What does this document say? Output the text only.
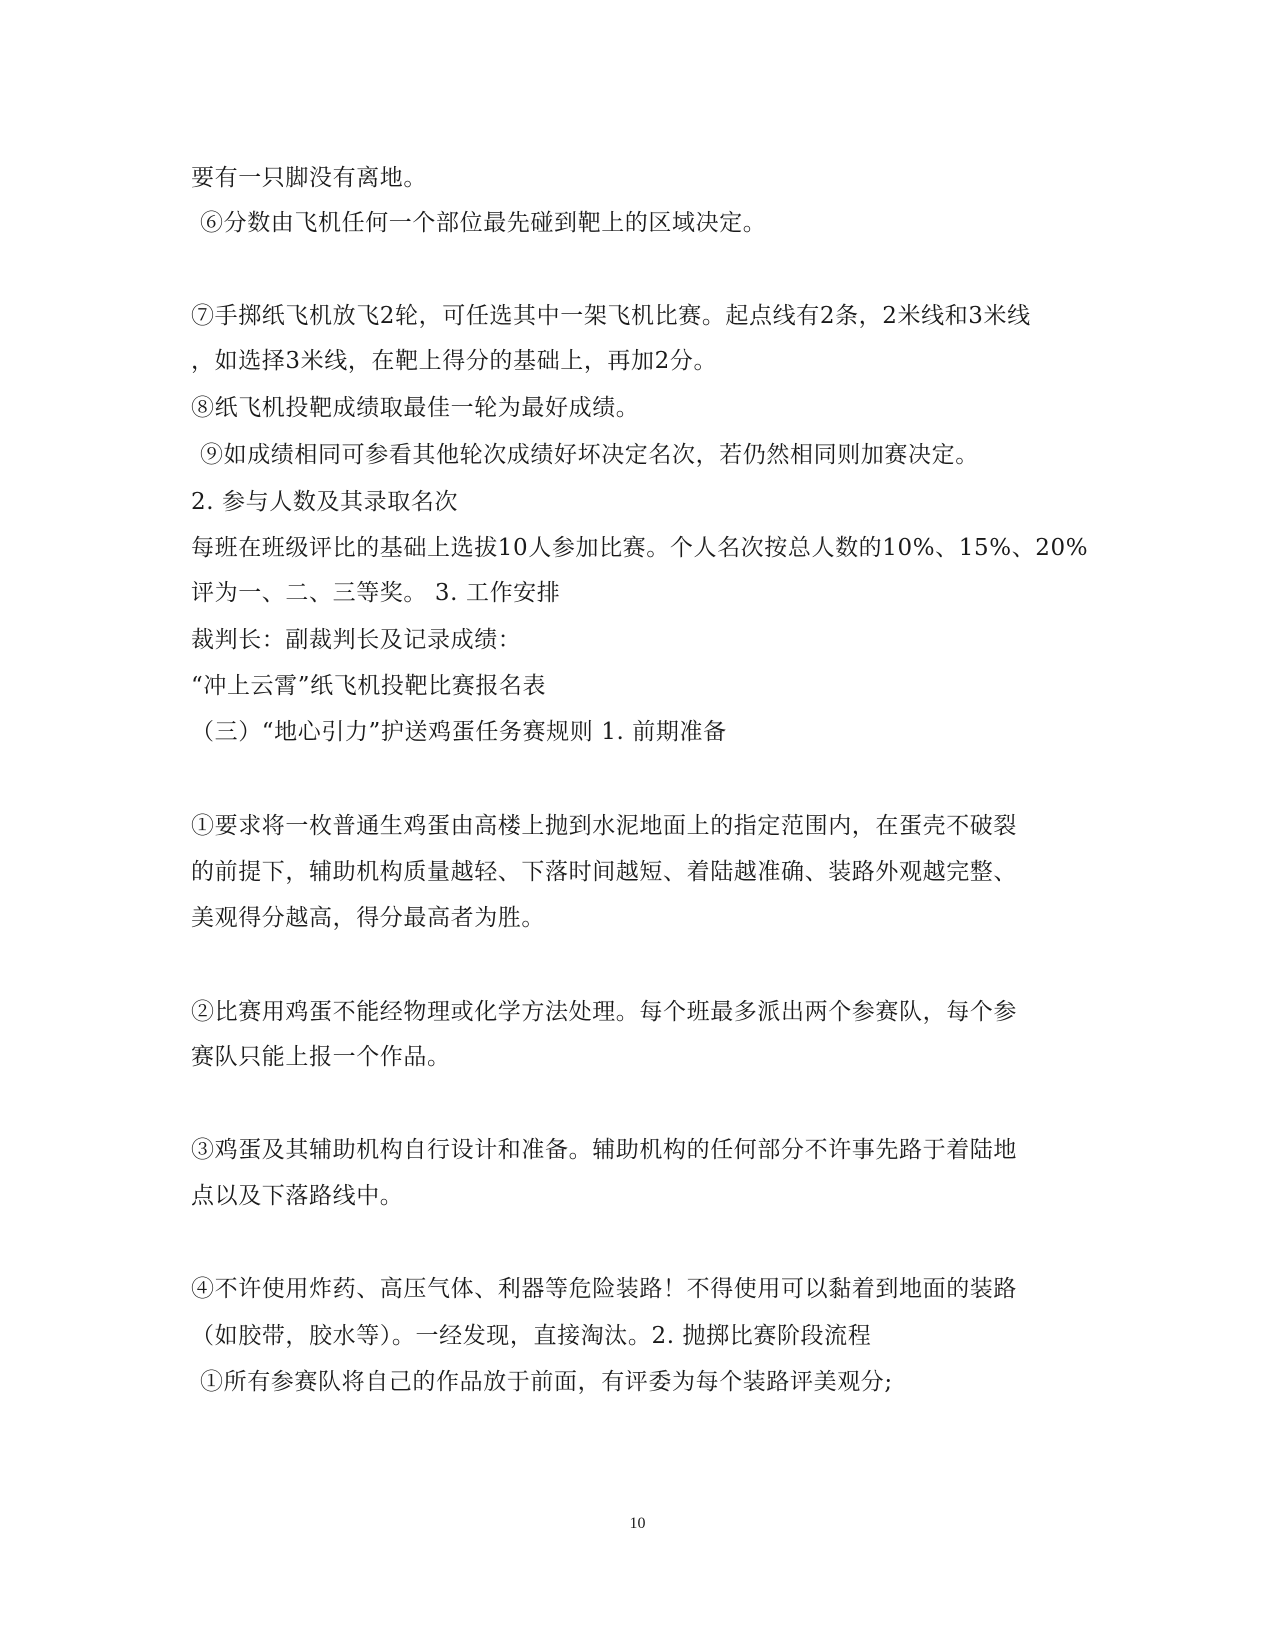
要有一只脚没有离地。
⑥分数由飞机任何一个部位最先碰到靶上的区域决定。
⑦手掷纸飞机放飞2轮，可任选其中一架飞机比赛。起点线有2条，2米线和3米线
，如选择3米线，在靶上得分的基础上，再加2分。
⑧纸飞机投靶成绩取最佳一轮为最好成绩。
⑨如成绩相同可参看其他轮次成绩好坏决定名次，若仍然相同则加赛决定。
2. 参与人数及其录取名次
每班在班级评比的基础上选拔10人参加比赛。个人名次按总人数的10%、15%、20%
评为一、二、三等奖。 3. 工作安排
裁判长：副裁判长及记录成绩：
“冲上云霄”纸飞机投靶比赛报名表
（三）“地心引力”护送鸡蛋任务赛规则 1. 前期准备
①要求将一枚普通生鸡蛋由高楼上抛到水泥地面上的指定范围内，在蛋壳不破裂
的前提下，辅助机构质量越轻、下落时间越短、着陆越准确、装路外观越完整、
美观得分越高，得分最高者为胜。
②比赛用鸡蛋不能经物理或化学方法处理。每个班最多派出两个参赛队，每个参
赛队只能上报一个作品。
③鸡蛋及其辅助机构自行设计和准备。辅助机构的任何部分不许事先路于着陆地
点以及下落路线中。
④不许使用炸药、高压气体、利器等危险装路！不得使用可以黏着到地面的装路
（如胶带，胶水等）。一经发现，直接淘汰。2. 抛掷比赛阶段流程
①所有参赛队将自己的作品放于前面，有评委为每个装路评美观分;
10
